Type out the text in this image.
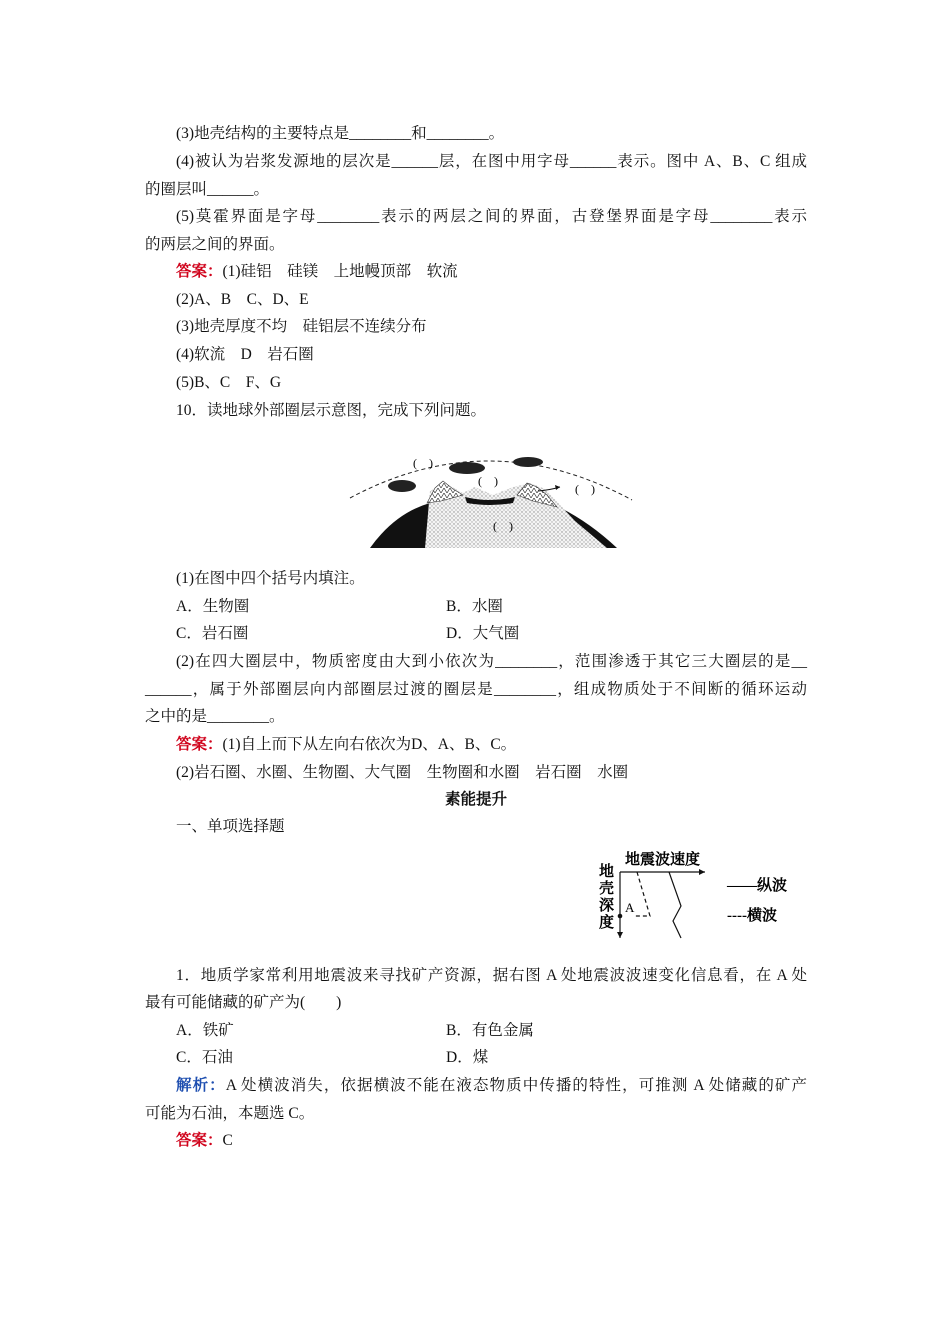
(3)地壳结构的主要特点是________和________。
(4)被认为岩浆发源地的层次是______层，在图中用字母______表示。图中 A、B、C 组成
的圈层叫______。
(5)莫霍界面是字母________表示的两层之间的界面，古登堡界面是字母________表示
的两层之间的界面。
答案：(1)硅铝　硅镁　上地幔顶部　软流
(2)A、B　C、D、E
(3)地壳厚度不均　硅铝层不连续分布
(4)软流　D　岩石圈
(5)B、C　F、G
10．读地球外部圈层示意图，完成下列问题。
(　)
(　)
(　)
(　)
(1)在图中四个括号内填注。
A．生物圈	B．水圈
C．岩石圈	D．大气圈
(2)在四大圈层中，物质密度由大到小依次为________，范围渗透于其它三大圈层的是__
______，属于外部圈层向内部圈层过渡的圈层是________，组成物质处于不间断的循环运动
之中的是________。
答案：(1)自上而下从左向右依次为D、A、B、C。
(2)岩石圈、水圈、生物圈、大气圈　生物圈和水圈　岩石圈　水圈
素能提升
一、单项选择题
地震波速度
地
壳
深
度
A
——纵波
----横波
1．地质学家常利用地震波来寻找矿产资源，据右图 A 处地震波波速变化信息看，在 A 处
最有可能储藏的矿产为(　　)
A．铁矿	B．有色金属
C．石油	D．煤
解析：A 处横波消失，依据横波不能在液态物质中传播的特性，可推测 A 处储藏的矿产
可能为石油，本题选 C。
答案：C
